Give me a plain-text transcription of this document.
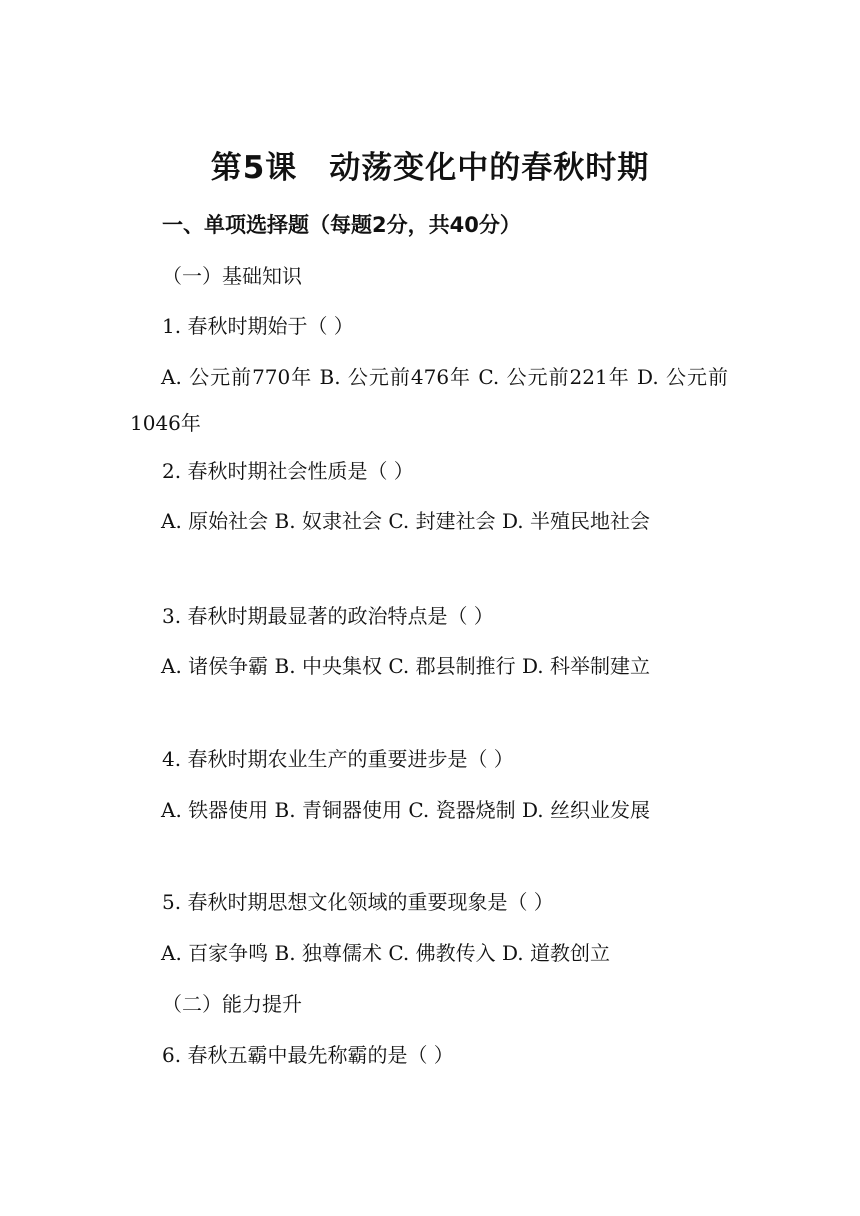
第5课　动荡变化中的春秋时期
一、单项选择题（每题2分，共40分）
（一）基础知识
1. 春秋时期始于（ ）
A. 公元前770年 B. 公元前476年 C. 公元前221年 D. 公元前1046年
2. 春秋时期社会性质是（ ）
A. 原始社会 B. 奴隶社会 C. 封建社会 D. 半殖民地社会
3. 春秋时期最显著的政治特点是（ ）
A. 诸侯争霸 B. 中央集权 C. 郡县制推行 D. 科举制建立
4. 春秋时期农业生产的重要进步是（ ）
A. 铁器使用 B. 青铜器使用 C. 瓷器烧制 D. 丝织业发展
5. 春秋时期思想文化领域的重要现象是（ ）
A. 百家争鸣 B. 独尊儒术 C. 佛教传入 D. 道教创立
（二）能力提升
6. 春秋五霸中最先称霸的是（ ）
